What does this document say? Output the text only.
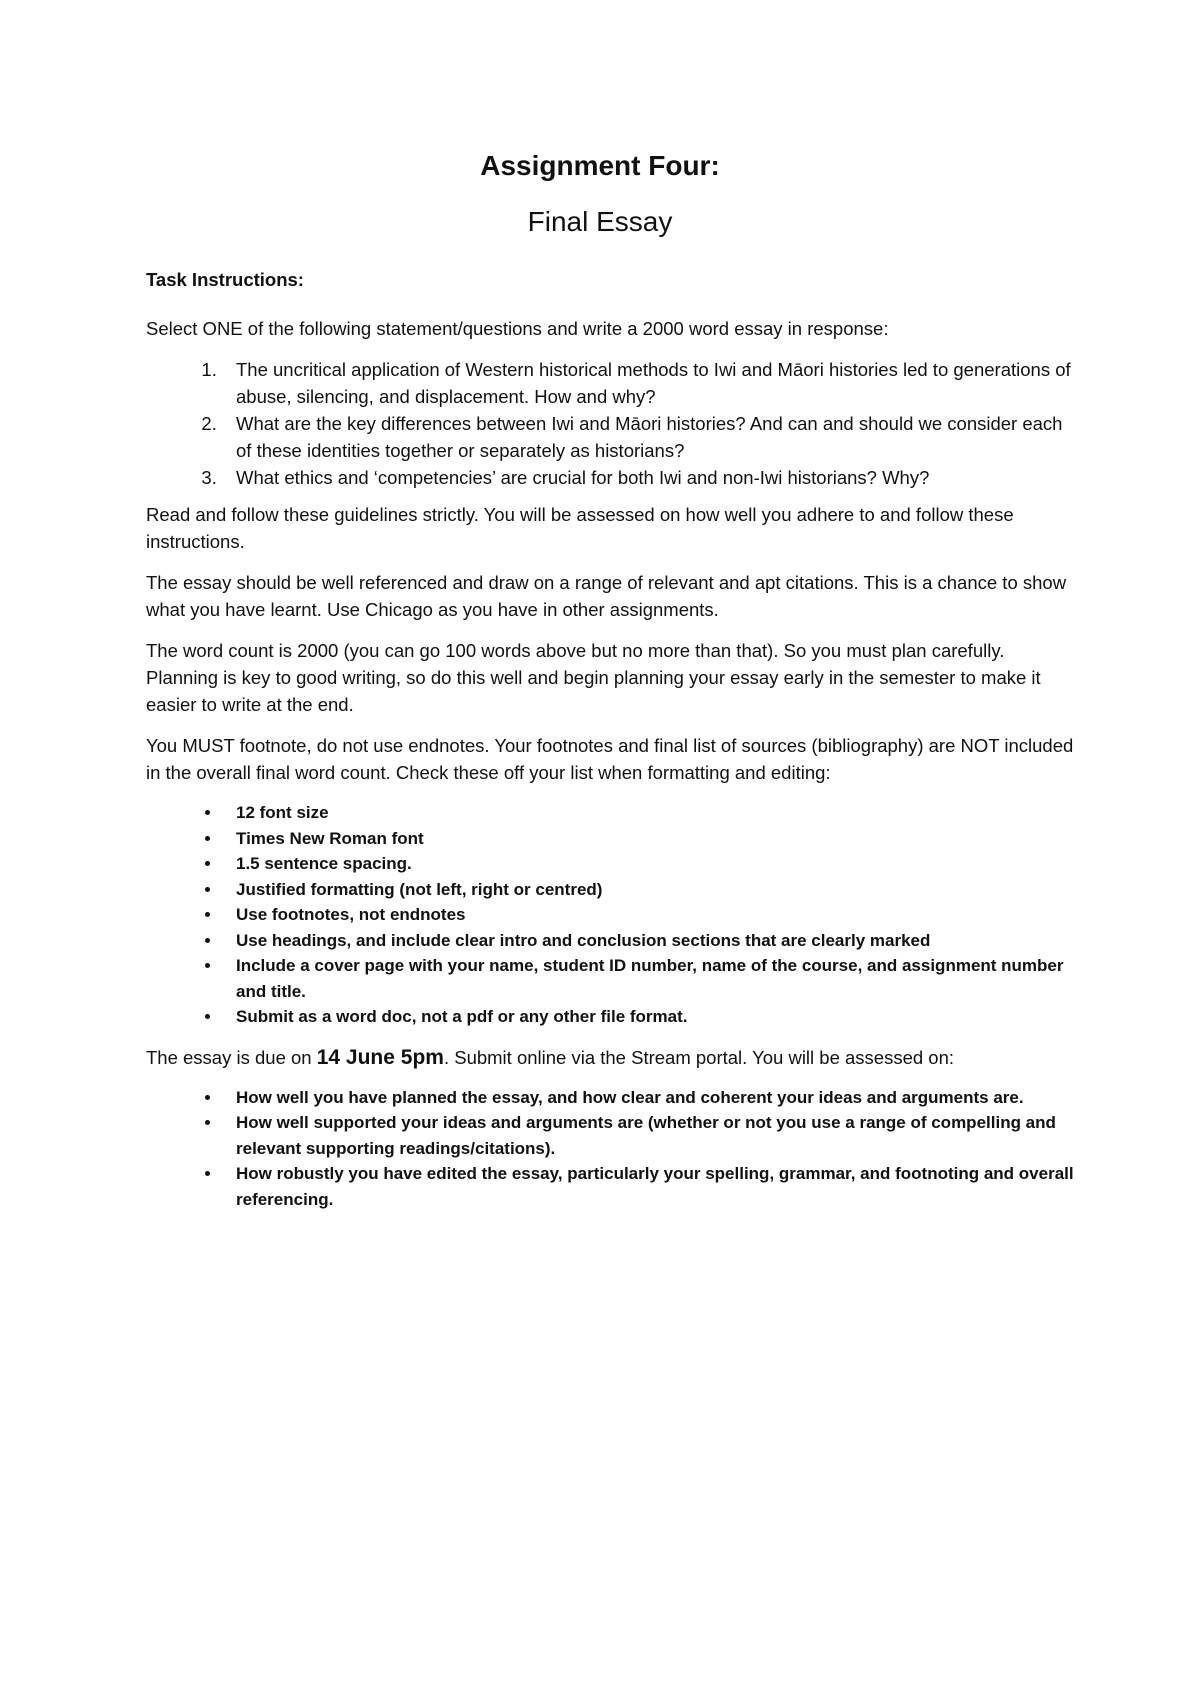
Assignment Four:
Final Essay

Task Instructions:

Select ONE of the following statement/questions and write a 2000 word essay in response:

1. The uncritical application of Western historical methods to Iwi and Māori histories led to generations of abuse, silencing, and displacement. How and why?
2. What are the key differences between Iwi and Māori histories? And can and should we consider each of these identities together or separately as historians?
3. What ethics and ‘competencies’ are crucial for both Iwi and non-Iwi historians? Why?

Read and follow these guidelines strictly. You will be assessed on how well you adhere to and follow these instructions.

The essay should be well referenced and draw on a range of relevant and apt citations. This is a chance to show what you have learnt. Use Chicago as you have in other assignments.

The word count is 2000 (you can go 100 words above but no more than that). So you must plan carefully. Planning is key to good writing, so do this well and begin planning your essay early in the semester to make it easier to write at the end.

You MUST footnote, do not use endnotes. Your footnotes and final list of sources (bibliography) are NOT included in the overall final word count. Check these off your list when formatting and editing:

• 12 font size
• Times New Roman font
• 1.5 sentence spacing.
• Justified formatting (not left, right or centred)
• Use footnotes, not endnotes
• Use headings, and include clear intro and conclusion sections that are clearly marked
• Include a cover page with your name, student ID number, name of the course, and assignment number and title.
• Submit as a word doc, not a pdf or any other file format.

The essay is due on 14 June 5pm. Submit online via the Stream portal. You will be assessed on:

• How well you have planned the essay, and how clear and coherent your ideas and arguments are.
• How well supported your ideas and arguments are (whether or not you use a range of compelling and relevant supporting readings/citations).
• How robustly you have edited the essay, particularly your spelling, grammar, and footnoting and overall referencing.
